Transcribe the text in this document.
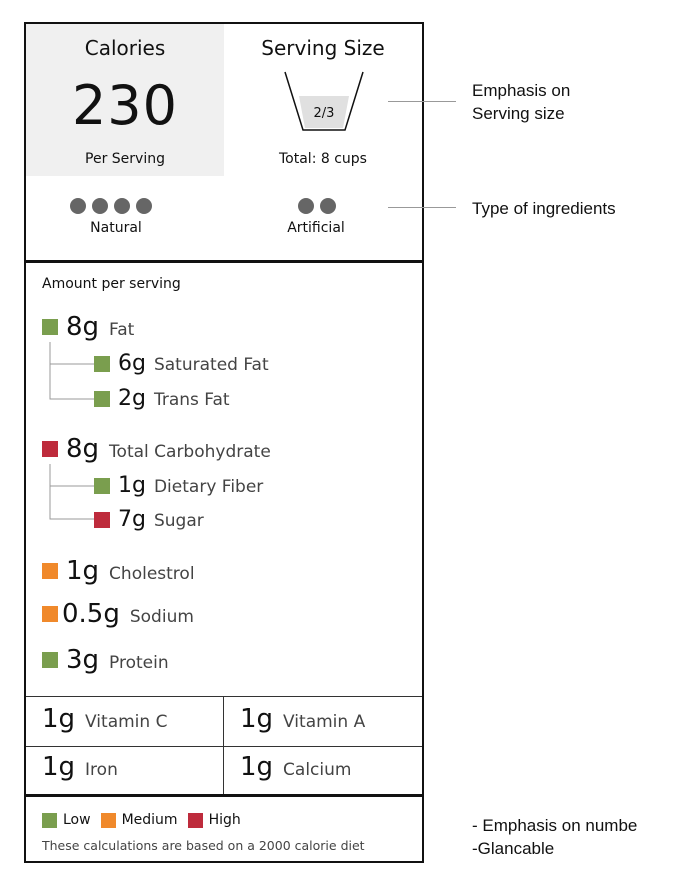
Calories
230
Per Serving
Serving Size
2/3
Total: 8 cups
Natural	Artificial
Amount per serving
8g Fat
6g Saturated Fat
2g Trans Fat
8g Total Carbohydrate
1g Dietary Fiber
7g Sugar
1g Cholestrol
0.5g Sodium
3g Protein
1g Vitamin C	1g Vitamin A
1g Iron	1g Calcium
Low Medium High
These calculations are based on a 2000 calorie diet
Emphasis on
Serving size
Type of ingredients
- Emphasis on numbe
-Glancable
